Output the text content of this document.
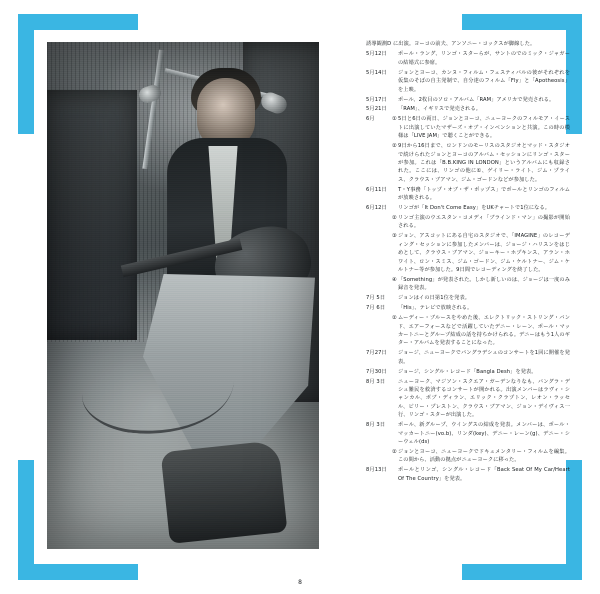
誘導観測D に出演。ヨーコの前夫、アンソニー・コックスが脚線した。
5月12日	ポール・ラング、リンゴ・スターらが、サントのでのミック・ジャガーの結婚式に参席。
5月14日	ジョンとヨーコ、カンヌ・フィルム・フェスティバルの彼がそれぞれを仮集のそばの自主発制で、自分達のフィルム「Fly」と「Apotheosis」を上映。
5月17日	ポール、2枚目のソロ・アルバム「RAM」アメリカで発売される。
5月21日	「RAM」、イギリスで発売される。
6月	① 5日と6日の両日、ジョンとヨーコ、ニューヨークのフィルモア・イーストに出演していたマザーズ・オブ・インベンションと共演。この時の模様は「LIVE JAM」で聴くことができる。
② 9日から16日まで、ロンドンのモーリスのスタジオとマッド・スタジオで続けられたジョンとヨーコのアルバム・セッションにリンゴ・スターが参加。これは「B.B.KING IN LONDON」というアルバムにも収録された。ここには、リンゴの他に①、ゲイリー・ライト、ジム・プライス、クラウス・ブアマン、ジム・ゴードンなどが参加した。
6月11日	T・Y事務「トップ・オブ・ザ・ポップス」でポールとリンゴのフィルムが放映される。
6月12日	リンゴが「It Don't Come Easy」をUKチャートで1位になる。
② リンゴ主演のウエスタン・コメディ「ブラインド・マン」の撮影が開始される。
③ ジョン、アスコットにある自宅のスタジオで、「IMAGINE」のレコーディング・セッションに参加したメンバーは、ジョージ・ハリスンをはじめとして、クラウス・ブアマン、ジョーキー・ホプキンス、アラン・ホワイト、ロン・スミス、ジム・ゴードン、ジム・ケルトナー、ジム・ケルトナー等が参加した。9日間でレコーディングを終了した。
④ 「Something」が発表された。しかし新しいのは、ジョージは一度のみ録音を発表。
7月 5日	ジョンはイの日第1位を発表。
7月 6日	「His」、テレビで放映される。
② ムーディー・ブルースをやめた後、エレクトリック・ストリング・バンド、エアーフォースなどで活躍していたデニー・レーン、ポール・マッカートニーとグループ結成の話を持ちかけられる。デニーはもう1人のギター・アルバムを発表することになった。
7月27日	ジョージ、ニューヨークでバングラデシュのコンサートを1回に開催を発表。
7月30日	ジョージ、シングル・レコード「Bangla Desh」を発表。
8月 3日	ニューヨーク、マジソン・スクエア・ガーデンなりなも、バングラ・デシュ難民を救済するコンサートが開かれる。出演メンバーはラヴィ・シャンカル、ボブ・ディラン、エリック・クラプトン、レオン・ラッセル、ビリー・プレストン、クラウス・ブアマン、ジョン・デイヴィス一行、リンゴ・スターが出演した。
8月 3日	ポール、新グループ、ウイングスの結成を発表。メンバーは、ポール・マッカートニー(vo.b)、リンダ(key)、デニー・レーン(g)、デニー・シーウェル(ds)
② ジョンとヨーコ、ニューヨークでドキュメンタリー・フィルムを編集。この間から、活動の拠点がニューヨークに移った。
8月13日	ポールとリンゴ、シングル・レコード「Back Seat Of My Car/Heart Of The Country」を発表。
8
